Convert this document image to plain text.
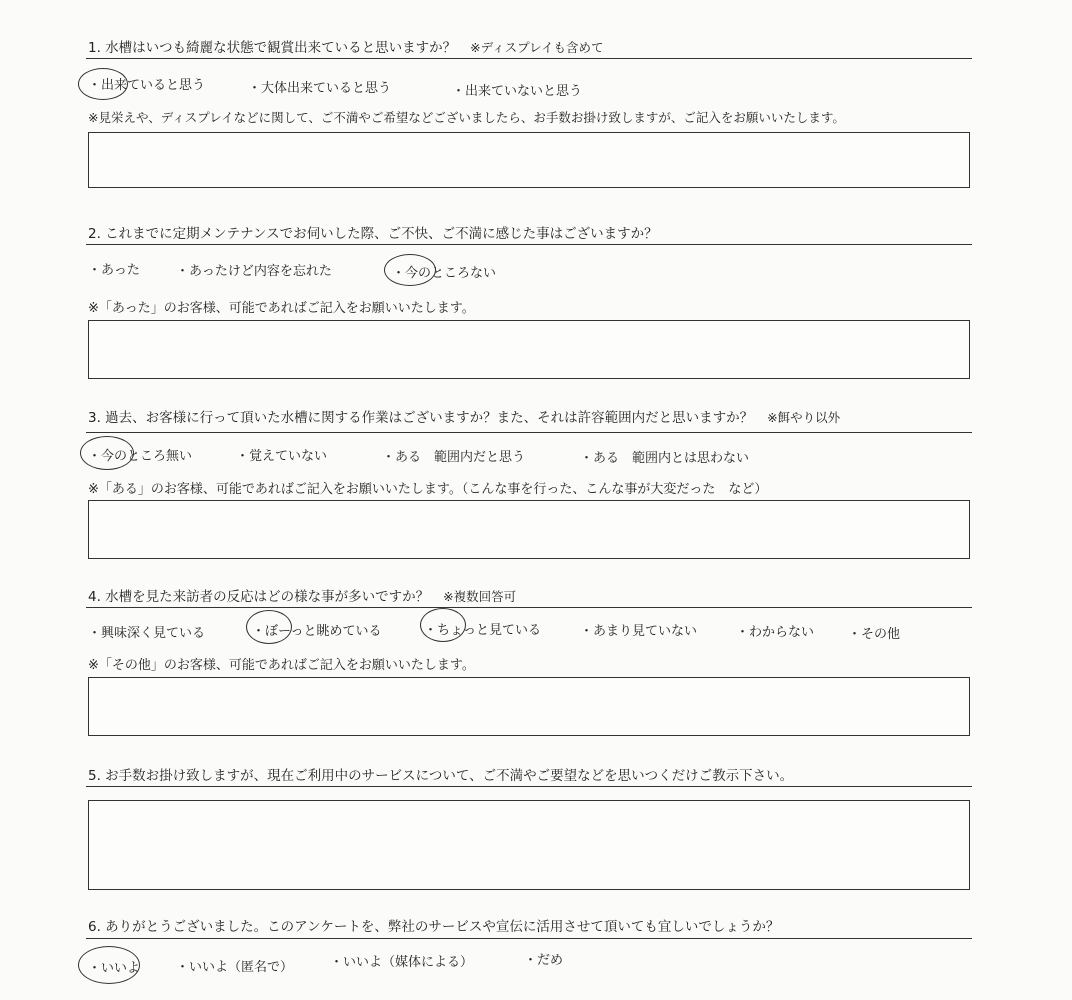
1. 水槽はいつも綺麗な状態で観賞出来ていると思いますか？ ※ディスプレイも含めて
・出来ていると思う	・大体出来ていると思う	・出来ていないと思う
※見栄えや、ディスプレイなどに関して、ご不満やご希望などございましたら、お手数お掛け致しますが、ご記入をお願いいたします。
2. これまでに定期メンテナンスでお伺いした際、ご不快、ご不満に感じた事はございますか？
・あった	・あったけど内容を忘れた	・今のところない
※「あった」のお客様、可能であればご記入をお願いいたします。
3. 過去、お客様に行って頂いた水槽に関する作業はございますか？また、それは許容範囲内だと思いますか？ ※餌やり以外
・今のところ無い	・覚えていない	・ある　範囲内だと思う	・ある　範囲内とは思わない
※「ある」のお客様、可能であればご記入をお願いいたします。（こんな事を行った、こんな事が大変だった　など）
4. 水槽を見た来訪者の反応はどの様な事が多いですか？ ※複数回答可
・興味深く見ている	・ぼーっと眺めている	・ちょっと見ている	・あまり見ていない	・わからない	・その他
※「その他」のお客様、可能であればご記入をお願いいたします。
5. お手数お掛け致しますが、現在ご利用中のサービスについて、ご不満やご要望などを思いつくだけご教示下さい。
6. ありがとうございました。このアンケートを、弊社のサービスや宣伝に活用させて頂いても宜しいでしょうか？
・いいよ	・いいよ（匿名で）	・いいよ（媒体による）	・だめ
